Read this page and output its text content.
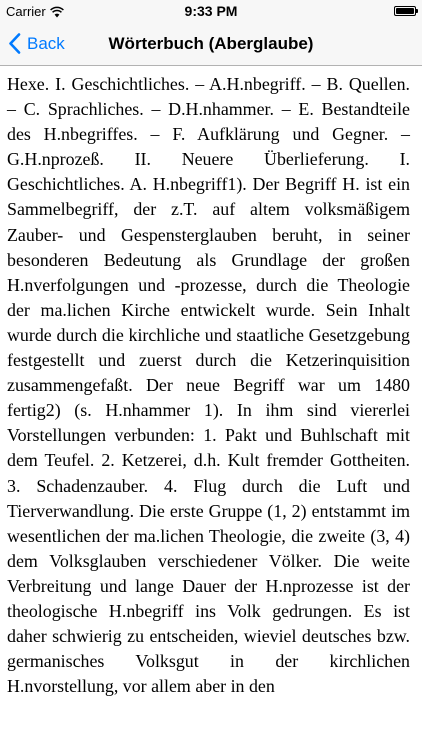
Carrier	9:33 PM
Back	Wörterbuch (Aberglaube)

Hexe. I. Geschichtliches. – A.H.nbegriff. – B. Quellen. – C. Sprachliches. – D.H.nhammer. – E. Bestandteile des H.nbegriffes. – F. Aufklärung und Gegner. – G.H.nprozeß. II. Neuere Überlieferung. I. Geschichtliches. A. H.nbegriff1). Der Begriff H. ist ein Sammelbegriff, der z.T. auf altem volksmäßigem Zauber- und Gespensterglauben beruht, in seiner besonderen Bedeutung als Grundlage der großen H.nverfolgungen und -prozesse, durch die Theologie der ma.lichen Kirche entwickelt wurde. Sein Inhalt wurde durch die kirchliche und staatliche Gesetzgebung festgestellt und zuerst durch die Ketzerinquisition zusammengefaßt. Der neue Begriff war um 1480 fertig2) (s. H.nhammer 1). In ihm sind viererlei Vorstellungen verbunden: 1. Pakt und Buhlschaft mit dem Teufel. 2. Ketzerei, d.h. Kult fremder Gottheiten. 3. Schadenzauber. 4. Flug durch die Luft und Tierverwandlung. Die erste Gruppe (1, 2) entstammt im wesentlichen der ma.lichen Theologie, die zweite (3, 4) dem Volksglauben verschiedener Völker. Die weite Verbreitung und lange Dauer der H.nprozesse ist der theologische H.nbegriff ins Volk gedrungen. Es ist daher schwierig zu entscheiden, wieviel deutsches bzw. germanisches Volksgut in der kirchlichen H.nvorstellung, vor allem aber in den
